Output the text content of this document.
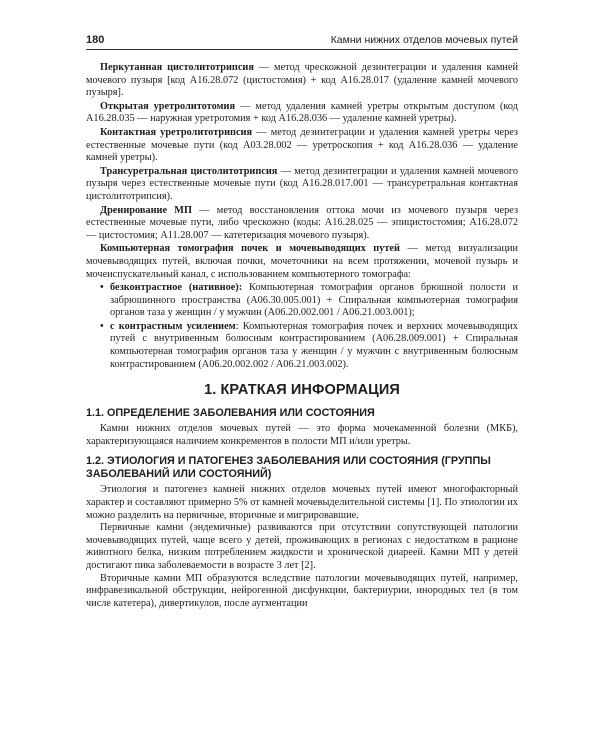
180	Камни нижних отделов мочевых путей

Перкутанная цистолитотрипсия — метод чрескожной дезинтеграции и удаления камней мочевого пузыря [код A16.28.072 (цистостомия) + код A16.28.017 (удаление камней мочевого пузыря].

Открытая уретролитотомия — метод удаления камней уретры открытым доступом (код A16.28.035 — наружная уретротомия + код A16.28.036 — удаление камней уретры).

Контактная уретролитотрипсия — метод дезинтеграции и удаления камней уретры через естественные мочевые пути (код A03.28.002 — уретроскопия + код A16.28.036 — удаление камней уретры).

Трансуретральная цистолитотрипсия — метод дезинтеграции и удаления камней мочевого пузыря через естественные мочевые пути (код A16.28.017.001 — трансуретральная контактная цистолитотрипсия).

Дренирование МП — метод восстановления оттока мочи из мочевого пузыря через естественные мочевые пути, либо чрескожно (коды: A16.28.025 — эпицистостомия; A16.28.072 — цистостомия; A11.28.007 — катетеризация мочевого пузыря).

Компьютерная томография почек и мочевыводящих путей — метод визуализации мочевыводящих путей, включая почки, мочеточники на всем протяжении, мочевой пузырь и мочеиспускательный канал, с использованием компьютерного томографа:

• безконтрастное (нативное): Компьютерная томография органов брюшной полости и забрюшинного пространства (A06.30.005.001) + Спиральная компьютерная томография органов таза у женщин / у мужчин (A06.20.002.001 / A06.21.003.001);
• с контрастным усилением: Компьютерная томография почек и верхних мочевыводящих путей с внутривенным болюсным контрастированием (A06.28.009.001) + Спиральная компьютерная томография органов таза у женщин / у мужчин с внутривенным болюсным контрастированием (A06.20.002.002 / A06.21.003.002).
1. КРАТКАЯ ИНФОРМАЦИЯ
1.1. ОПРЕДЕЛЕНИЕ ЗАБОЛЕВАНИЯ ИЛИ СОСТОЯНИЯ

Камни нижних отделов мочевых путей — это форма мочекаменной болезни (МКБ), характеризующаяся наличием конкрементов в полости МП и/или уретры.

1.2. ЭТИОЛОГИЯ И ПАТОГЕНЕЗ ЗАБОЛЕВАНИЯ ИЛИ СОСТОЯНИЯ (ГРУППЫ ЗАБОЛЕВАНИЙ ИЛИ СОСТОЯНИЙ)

Этиология и патогенез камней нижних отделов мочевых путей имеют многофакторный характер и составляют примерно 5% от камней мочевыделительной системы [1]. По этиологии их можно разделить на первичные, вторичные и мигрировавшие.

Первичные камни (эндемичные) развиваются при отсутствии сопутствующей патологии мочевыводящих путей, чаще всего у детей, проживающих в регионах с недостатком в рационе животного белка, низким потреблением жидкости и хронической диареей. Камни МП у детей достигают пика заболеваемости в возрасте 3 лет [2].

Вторичные камни МП образуются вследствие патологии мочевыводящих путей, например, инфравезикальной обструкции, нейрогенной дисфункции, бактериурии, инородных тел (в том числе катетера), дивертикулов, после аугментации
